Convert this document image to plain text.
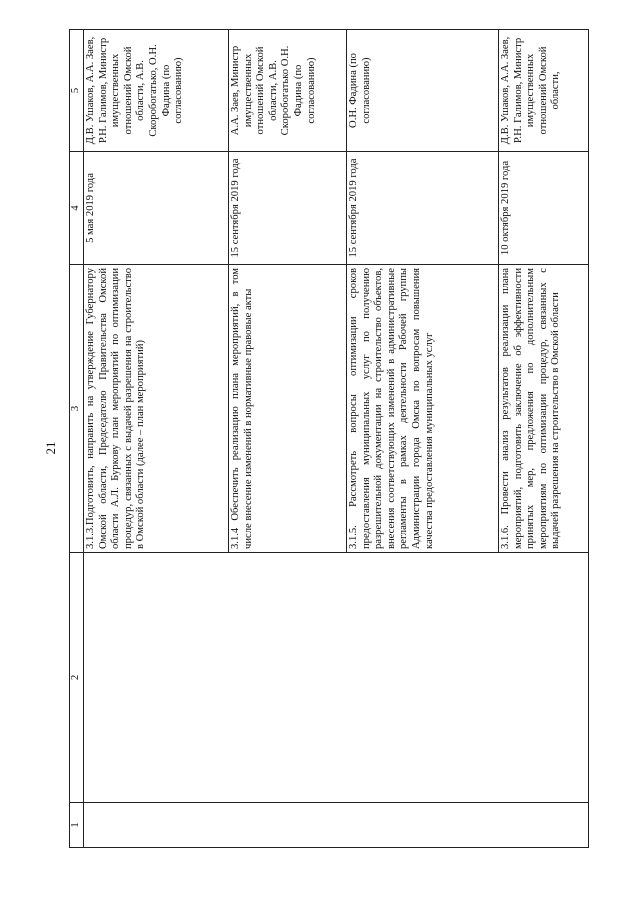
21
1	2	3	4	5
		3.1.3.Подготовить, направить на утверждение Губернатору Омской области, Председателю Правительства Омской области А.Л. Буркову план мероприятий по оптимизации процедур, связанных с выдачей разрешения на строительство в Омской области (далее – план мероприятий)	5 мая 2019 года	Д.В. Ушаков, А.А. Заев, Р.Н. Галимов, Министр имущественных отношений Омской области, А.В. Скоробогатько, О.Н. Фадина (по согласованию)
		3.1.4 Обеспечить реализацию плана мероприятий, в том числе внесение изменений в нормативные правовые акты	15 сентября 2019 года	А.А. Заев, Министр имущественных отношений Омской области, А.В. Скоробогатько О.Н. Фадина (по согласованию)
		3.1.5. Рассмотреть вопросы оптимизации сроков предоставления муниципальных услуг по получению разрешительной документации на строительство объектов, внесения соответствующих изменений в административные регламенты в рамках деятельности Рабочей группы Администрации города Омска по вопросам повышения качества предоставления муниципальных услуг	15 сентября 2019 года	О.Н. Фадина (по согласованию)
		3.1.6. Провести анализ результатов реализации плана мероприятий, подготовить заключение об эффективности принятых мер, предложения по дополнительным мероприятиям по оптимизации процедур, связанных с выдачей разрешения на строительство в Омской области	10 октября 2019 года	Д.В. Ушаков, А.А. Заев, Р.Н. Галимов, Министр имущественных отношений Омской области,
